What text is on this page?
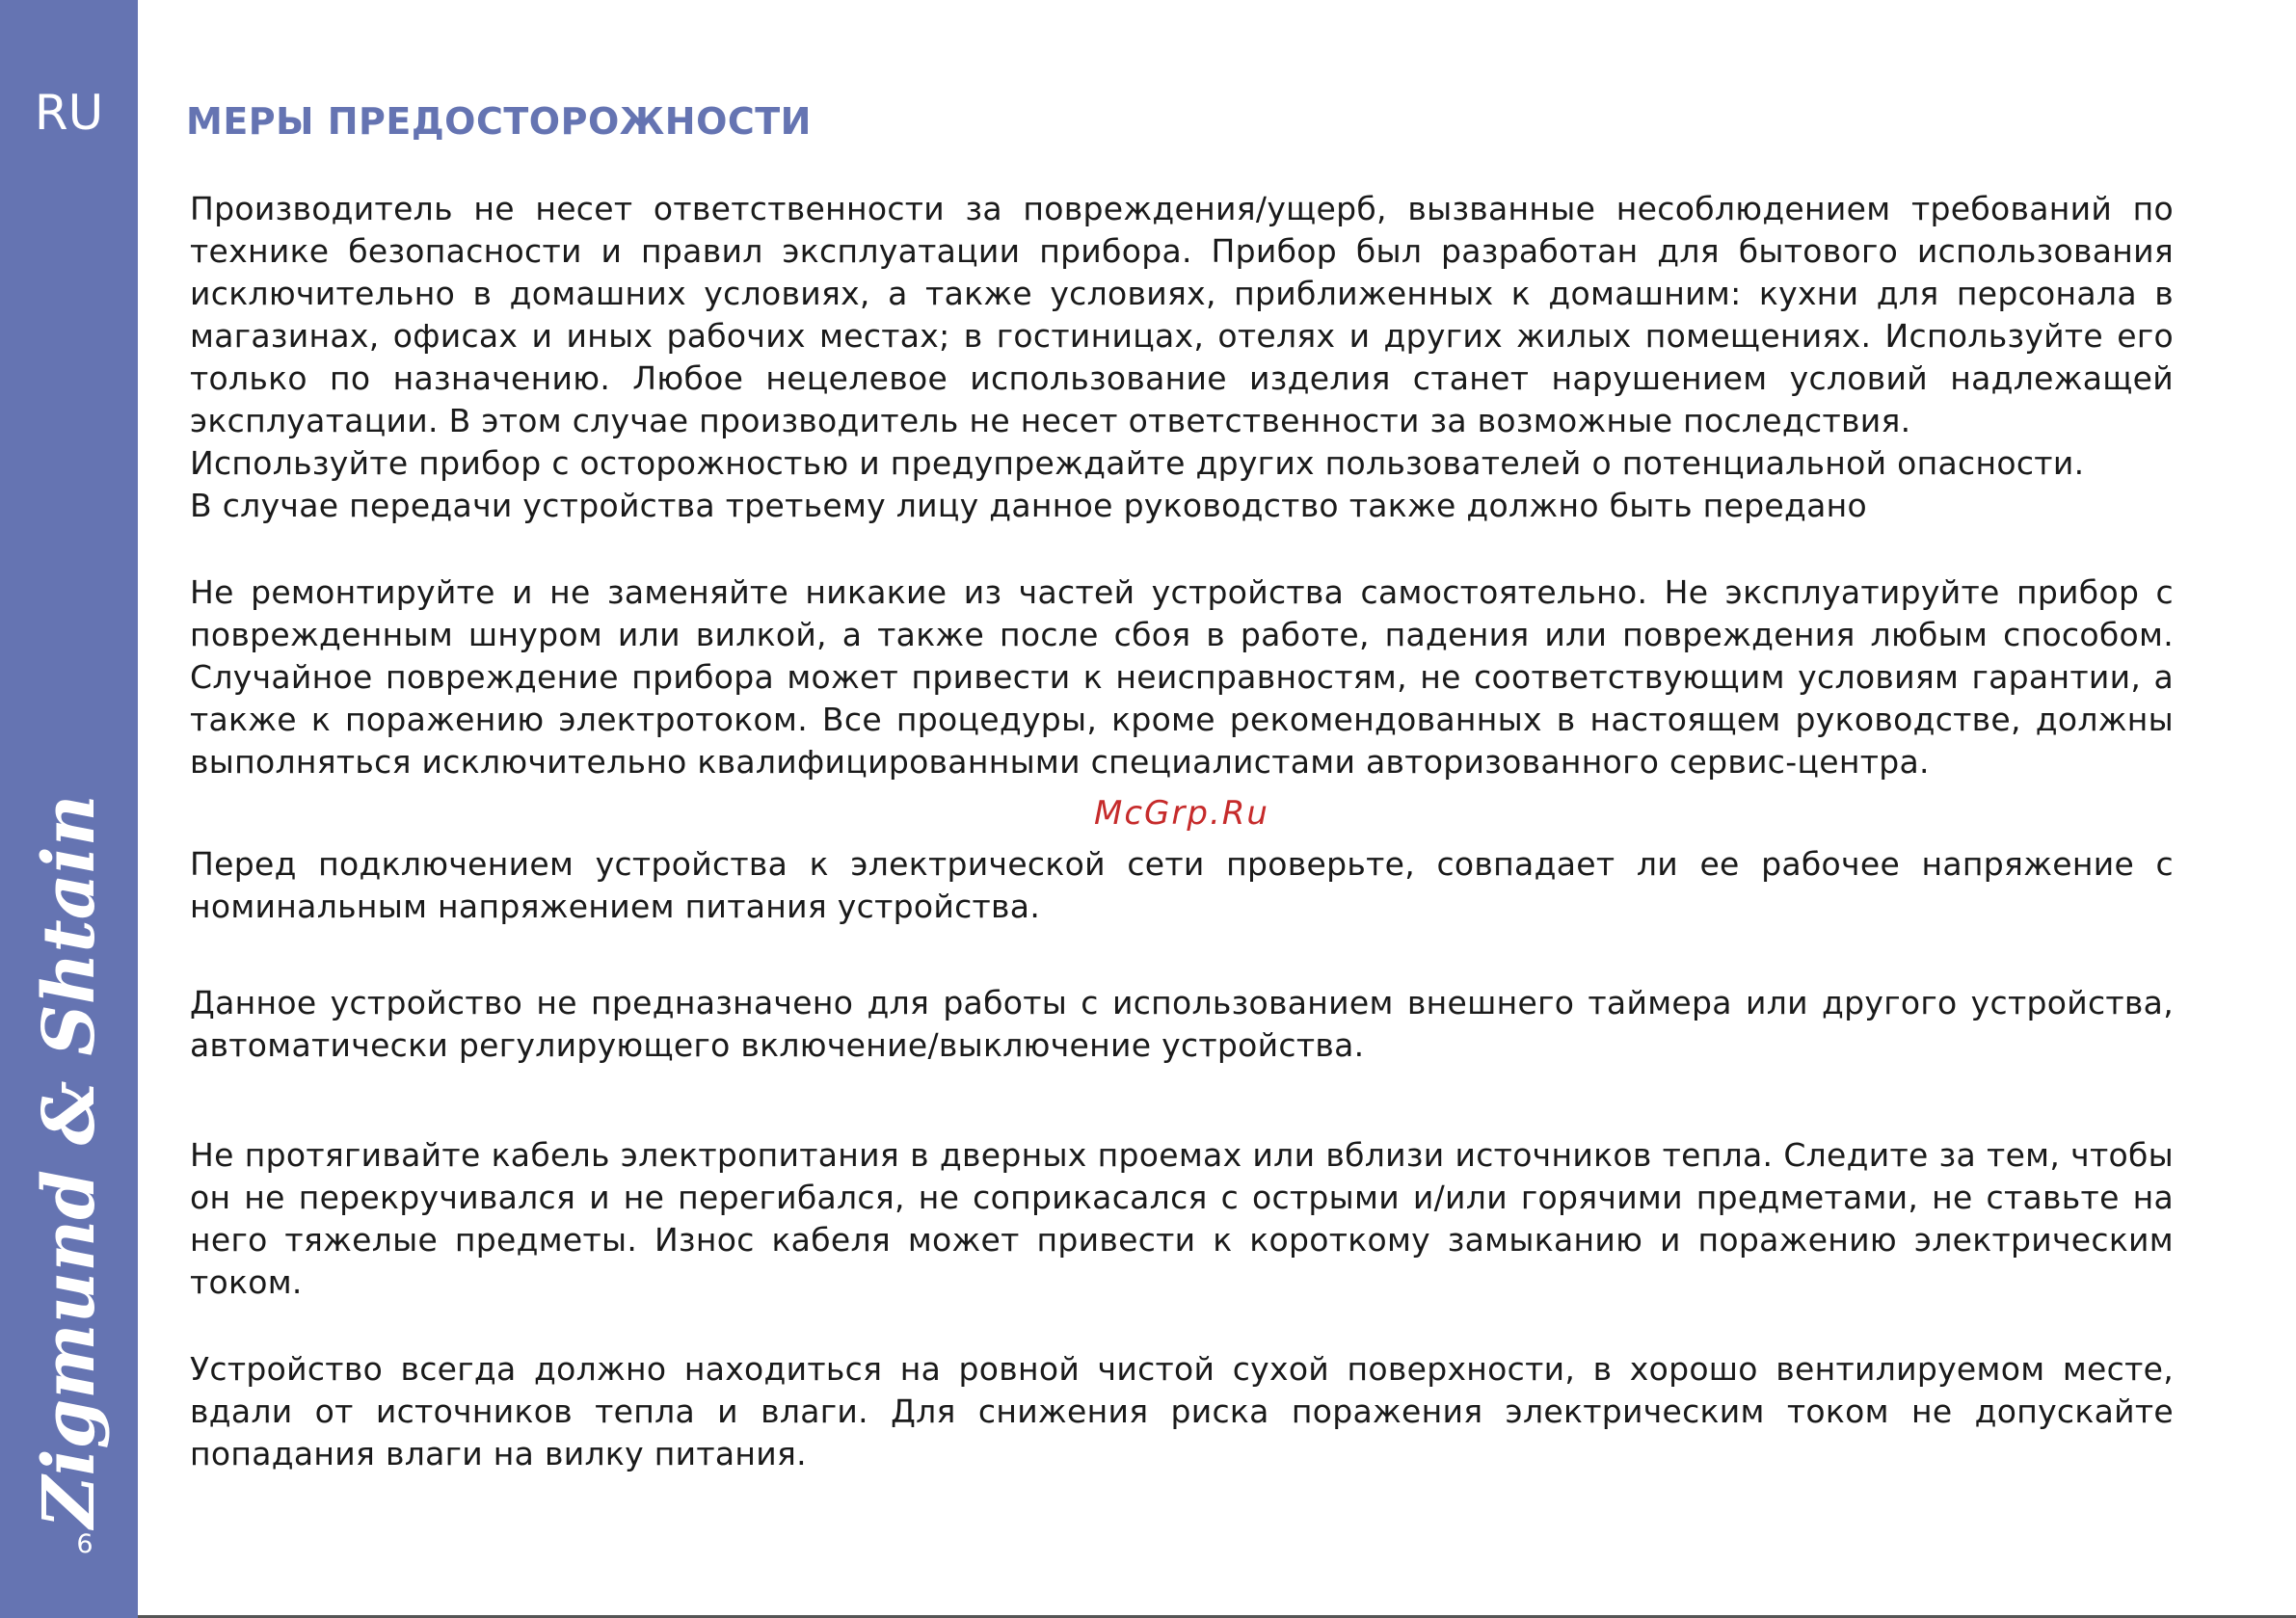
RU
Zigmund & Shtain
6
МЕРЫ ПРЕДОСТОРОЖНОСТИ

Производитель не несет ответственности за повреждения/ущерб, вызванные несоблюдением требований по технике безопасности и правил эксплуатации прибора. Прибор был разработан для бытового использования исключительно в домашних условиях, а также условиях, приближенных к домашним: кухни для персонала в магазинах, офисах и иных рабочих местах; в гостиницах, отелях и других жилых помещениях. Используйте его только по назначению. Любое нецелевое использование изделия станет нарушением условий надлежащей эксплуатации. В этом случае производитель не несет ответственности за возможные последствия.

Используйте прибор с осторожностью и предупреждайте других пользователей о потенциальной опасности.

В случае передачи устройства третьему лицу данное руководство также должно быть передано

Не ремонтируйте и не заменяйте никакие из частей устройства самостоятельно. Не эксплуатируйте прибор с поврежденным шнуром или вилкой, а также после сбоя в работе, падения или повреждения любым способом. Случайное повреждение прибора может привести к неисправностям, не соответствующим условиям гарантии, а также к поражению электротоком. Все процедуры, кроме рекомендованных в настоящем руководстве, должны выполняться исключительно квалифицированными специалистами авторизованного сервис-центра.

McGrp.Ru

Перед подключением устройства к электрической сети проверьте, совпадает ли ее рабочее напряжение с номинальным напряжением питания устройства.

Данное устройство не предназначено для работы с использованием внешнего таймера или другого устройства, автоматически регулирующего включение/выключение устройства.

Не протягивайте кабель электропитания в дверных проемах или вблизи источников тепла. Следите за тем, чтобы он не перекручивался и не перегибался, не соприкасался с острыми и/или горячими предметами, не ставьте на него тяжелые предметы. Износ кабеля может привести к короткому замыканию и поражению электрическим током.

Устройство всегда должно находиться на ровной чистой сухой поверхности, в хорошо вентилируемом месте, вдали от источников тепла и влаги. Для снижения риска поражения электрическим током не допускайте попадания влаги на вилку питания.
